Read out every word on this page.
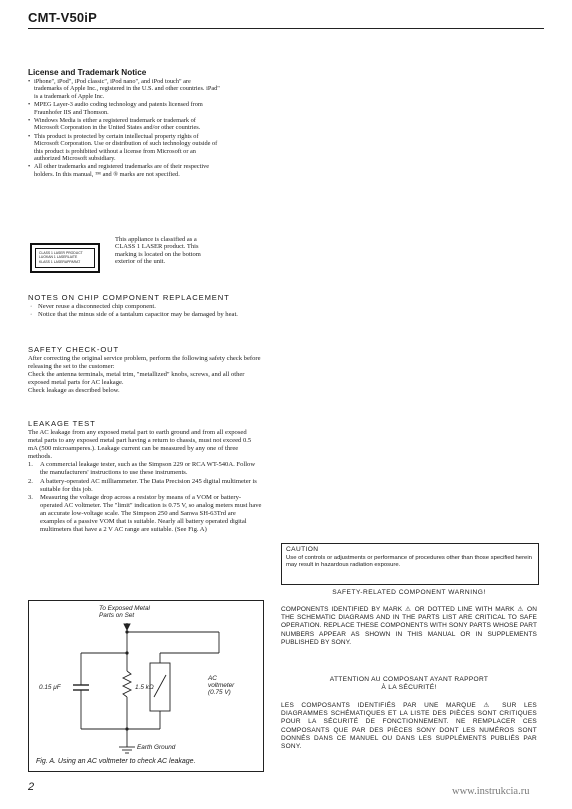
CMT-V50iP
License and Trademark Notice
• iPhone", iPod", iPod classic", iPod nano", and iPod touch" are trademarks of Apple Inc., registered in the U.S. and other countries. iPad" is a trademark of Apple Inc.
• MPEG Layer-3 audio coding technology and patents licensed from Fraunhofer IIS and Thomson.
• Windows Media is either a registered trademark or trademark of Microsoft Corporation in the United States and/or other countries.
• This product is protected by certain intellectual property rights of Microsoft Corporation. Use or distribution of such technology outside of this product is prohibited without a license from Microsoft or an authorized Microsoft subsidiary.
• All other trademarks and registered trademarks are of their respective holders. In this manual, ™ and ® marks are not specified.
CLASS 1 LASER PRODUCT
LUOKAN 1 LASERLAITE
KLASS 1 LASERAPPARAT
This appliance is classified as a CLASS 1 LASER product. This marking is located on the bottom exterior of the unit.
NOTES ON CHIP COMPONENT REPLACEMENT
· Never reuse a disconnected chip component.
· Notice that the minus side of a tantalum capacitor may be damaged by heat.
SAFETY CHECK-OUT
After correcting the original service problem, perform the following safety check before releasing the set to the customer:
Check the antenna terminals, metal trim, "metallized" knobs, screws, and all other exposed metal parts for AC leakage.
Check leakage as described below.
LEAKAGE TEST
The AC leakage from any exposed metal part to earth ground and from all exposed metal parts to any exposed metal part having a return to chassis, must not exceed 0.5 mA (500 microamperes.). Leakage current can be measured by any one of three methods.
1. A commercial leakage tester, such as the Simpson 229 or RCA WT-540A. Follow the manufacturers' instructions to use these instruments.
2. A battery-operated AC milliammeter. The Data Precision 245 digital multimeter is suitable for this job.
3. Measuring the voltage drop across a resistor by means of a VOM or battery-operated AC voltmeter. The "limit" indication is 0.75 V, so analog meters must have an accurate low-voltage scale. The Simpson 250 and Sanwa SH-63Trd are examples of a passive VOM that is suitable. Nearly all battery operated digital multimeters that have a 2 V AC range are suitable. (See Fig. A)
To Exposed Metal
Parts on Set
0.15 μF	1.5 kΩ
AC
voltmeter
(0.75 V)
Earth Ground
Fig. A. Using an AC voltmeter to check AC leakage.
CAUTION
Use of controls or adjustments or performance of procedures other than those specified herein may result in hazardous radiation exposure.
SAFETY-RELATED COMPONENT WARNING!
COMPONENTS IDENTIFIED BY MARK ⚠ OR DOTTED LINE WITH MARK ⚠ ON THE SCHEMATIC DIAGRAMS AND IN THE PARTS LIST ARE CRITICAL TO SAFE OPERATION. REPLACE THESE COMPONENTS WITH SONY PARTS WHOSE PART NUMBERS APPEAR AS SHOWN IN THIS MANUAL OR IN SUPPLEMENTS PUBLISHED BY SONY.
ATTENTION AU COMPOSANT AYANT RAPPORT
À LA SÉCURITÉ!
LES COMPOSANTS IDENTIFIÉS PAR UNE MARQUE ⚠ SUR LES DIAGRAMMES SCHÉMATIQUES ET LA LISTE DES PIÈCES SONT CRITIQUES POUR LA SÉCURITÉ DE FONCTIONNEMENT. NE REMPLACER CES COMPOSANTS QUE PAR DES PIÈCES SONY DONT LES NUMÉROS SONT DONNÉS DANS CE MANUEL OU DANS LES SUPPLÉMENTS PUBLIÉS PAR SONY.
2	www.instrukcia.ru
